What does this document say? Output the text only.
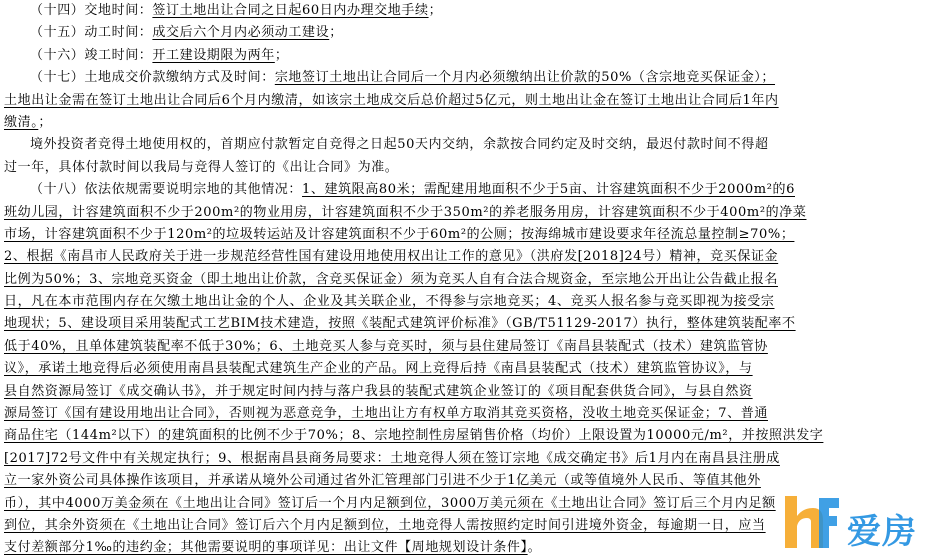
（十四）交地时间：签订土地出让合同之日起60日内办理交地手续；
（十五）动工时间：成交后六个月内必须动工建设；
（十六）竣工时间：开工建设期限为两年；
（十七）土地成交价款缴纳方式及时间：宗地签订土地出让合同后一个月内必须缴纳出让价款的50%（含宗地竞买保证金）；
土地出让金需在签订土地出让合同后6个月内缴清，如该宗土地成交后总价超过5亿元，则土地出让金在签订土地出让合同后1年内
缴清。；
境外投资者竞得土地使用权的，首期应付款暂定自竞得之日起50天内交纳，余款按合同约定及时交纳，最迟付款时间不得超
过一年，具体付款时间以我局与竞得人签订的《出让合同》为准。
（十八）依法依规需要说明宗地的其他情况：1、建筑限高80米；需配建用地面积不少于5亩、计容建筑面积不少于2000m²的6
班幼儿园，计容建筑面积不少于200m²的物业用房，计容建筑面积不少于350m²的养老服务用房，计容建筑面积不少于400m²的净菜
市场，计容建筑面积不少于120m²的垃圾转运站及计容建筑面积不少于60m²的公厕；按海绵城市建设要求年径流总量控制≥70%；
2、根据《南昌市人民政府关于进一步规范经营性国有建设用地使用权出让工作的意见》（洪府发[2018]24号）精神，竞买保证金
比例为50%；3、宗地竞买资金（即土地出让价款，含竞买保证金）须为竞买人自有合法合规资金，至宗地公开出让公告截止报名
日，凡在本市范围内存在欠缴土地出让金的个人、企业及其关联企业，不得参与宗地竞买；4、竞买人报名参与竞买即视为接受宗
地现状；5、建设项目采用装配式工艺BIM技术建造，按照《装配式建筑评价标准》（GB/T51129-2017）执行，整体建筑装配率不
低于40%，且单体建筑装配率不低于30%；6、土地竞买人参与竞买时，须与县住建局签订《南昌县装配式（技术）建筑监管协
议》，承诺土地竞得后必须使用南昌县装配式建筑生产企业的产品。网上竞得后持《南昌县装配式（技术）建筑监管协议》，与
县自然资源局签订《成交确认书》，并于规定时间内持与落户我县的装配式建筑企业签订的《项目配套供货合同》，与县自然资
源局签订《国有建设用地出让合同》，否则视为恶意竞争，土地出让方有权单方取消其竞买资格，没收土地竞买保证金；7、普通
商品住宅（144m²以下）的建筑面积的比例不少于70%；8、宗地控制性房屋销售价格（均价）上限设置为10000元/m²，并按照洪发字
[2017]72号文件中有关规定执行；9、根据南昌县商务局要求：土地竞得人须在签订宗地《成交确定书》后1月内在南昌县注册成
立一家外资公司具体操作该项目，并承诺从境外公司通过省外汇管理部门引进不少于1亿美元（或等值境外人民币、等值其他外
币），其中4000万美金须在《土地出让合同》签订后一个月内足额到位，3000万美元须在《土地出让合同》签订后三个月内足额
到位，其余外资须在《土地出让合同》签订后六个月内足额到位，土地竞得人需按照约定时间引进境外资金，每逾期一日，应当
支付差额部分1‰的违约金；其他需要说明的事项详见：出让文件【周地规划设计条件】。	爱房
